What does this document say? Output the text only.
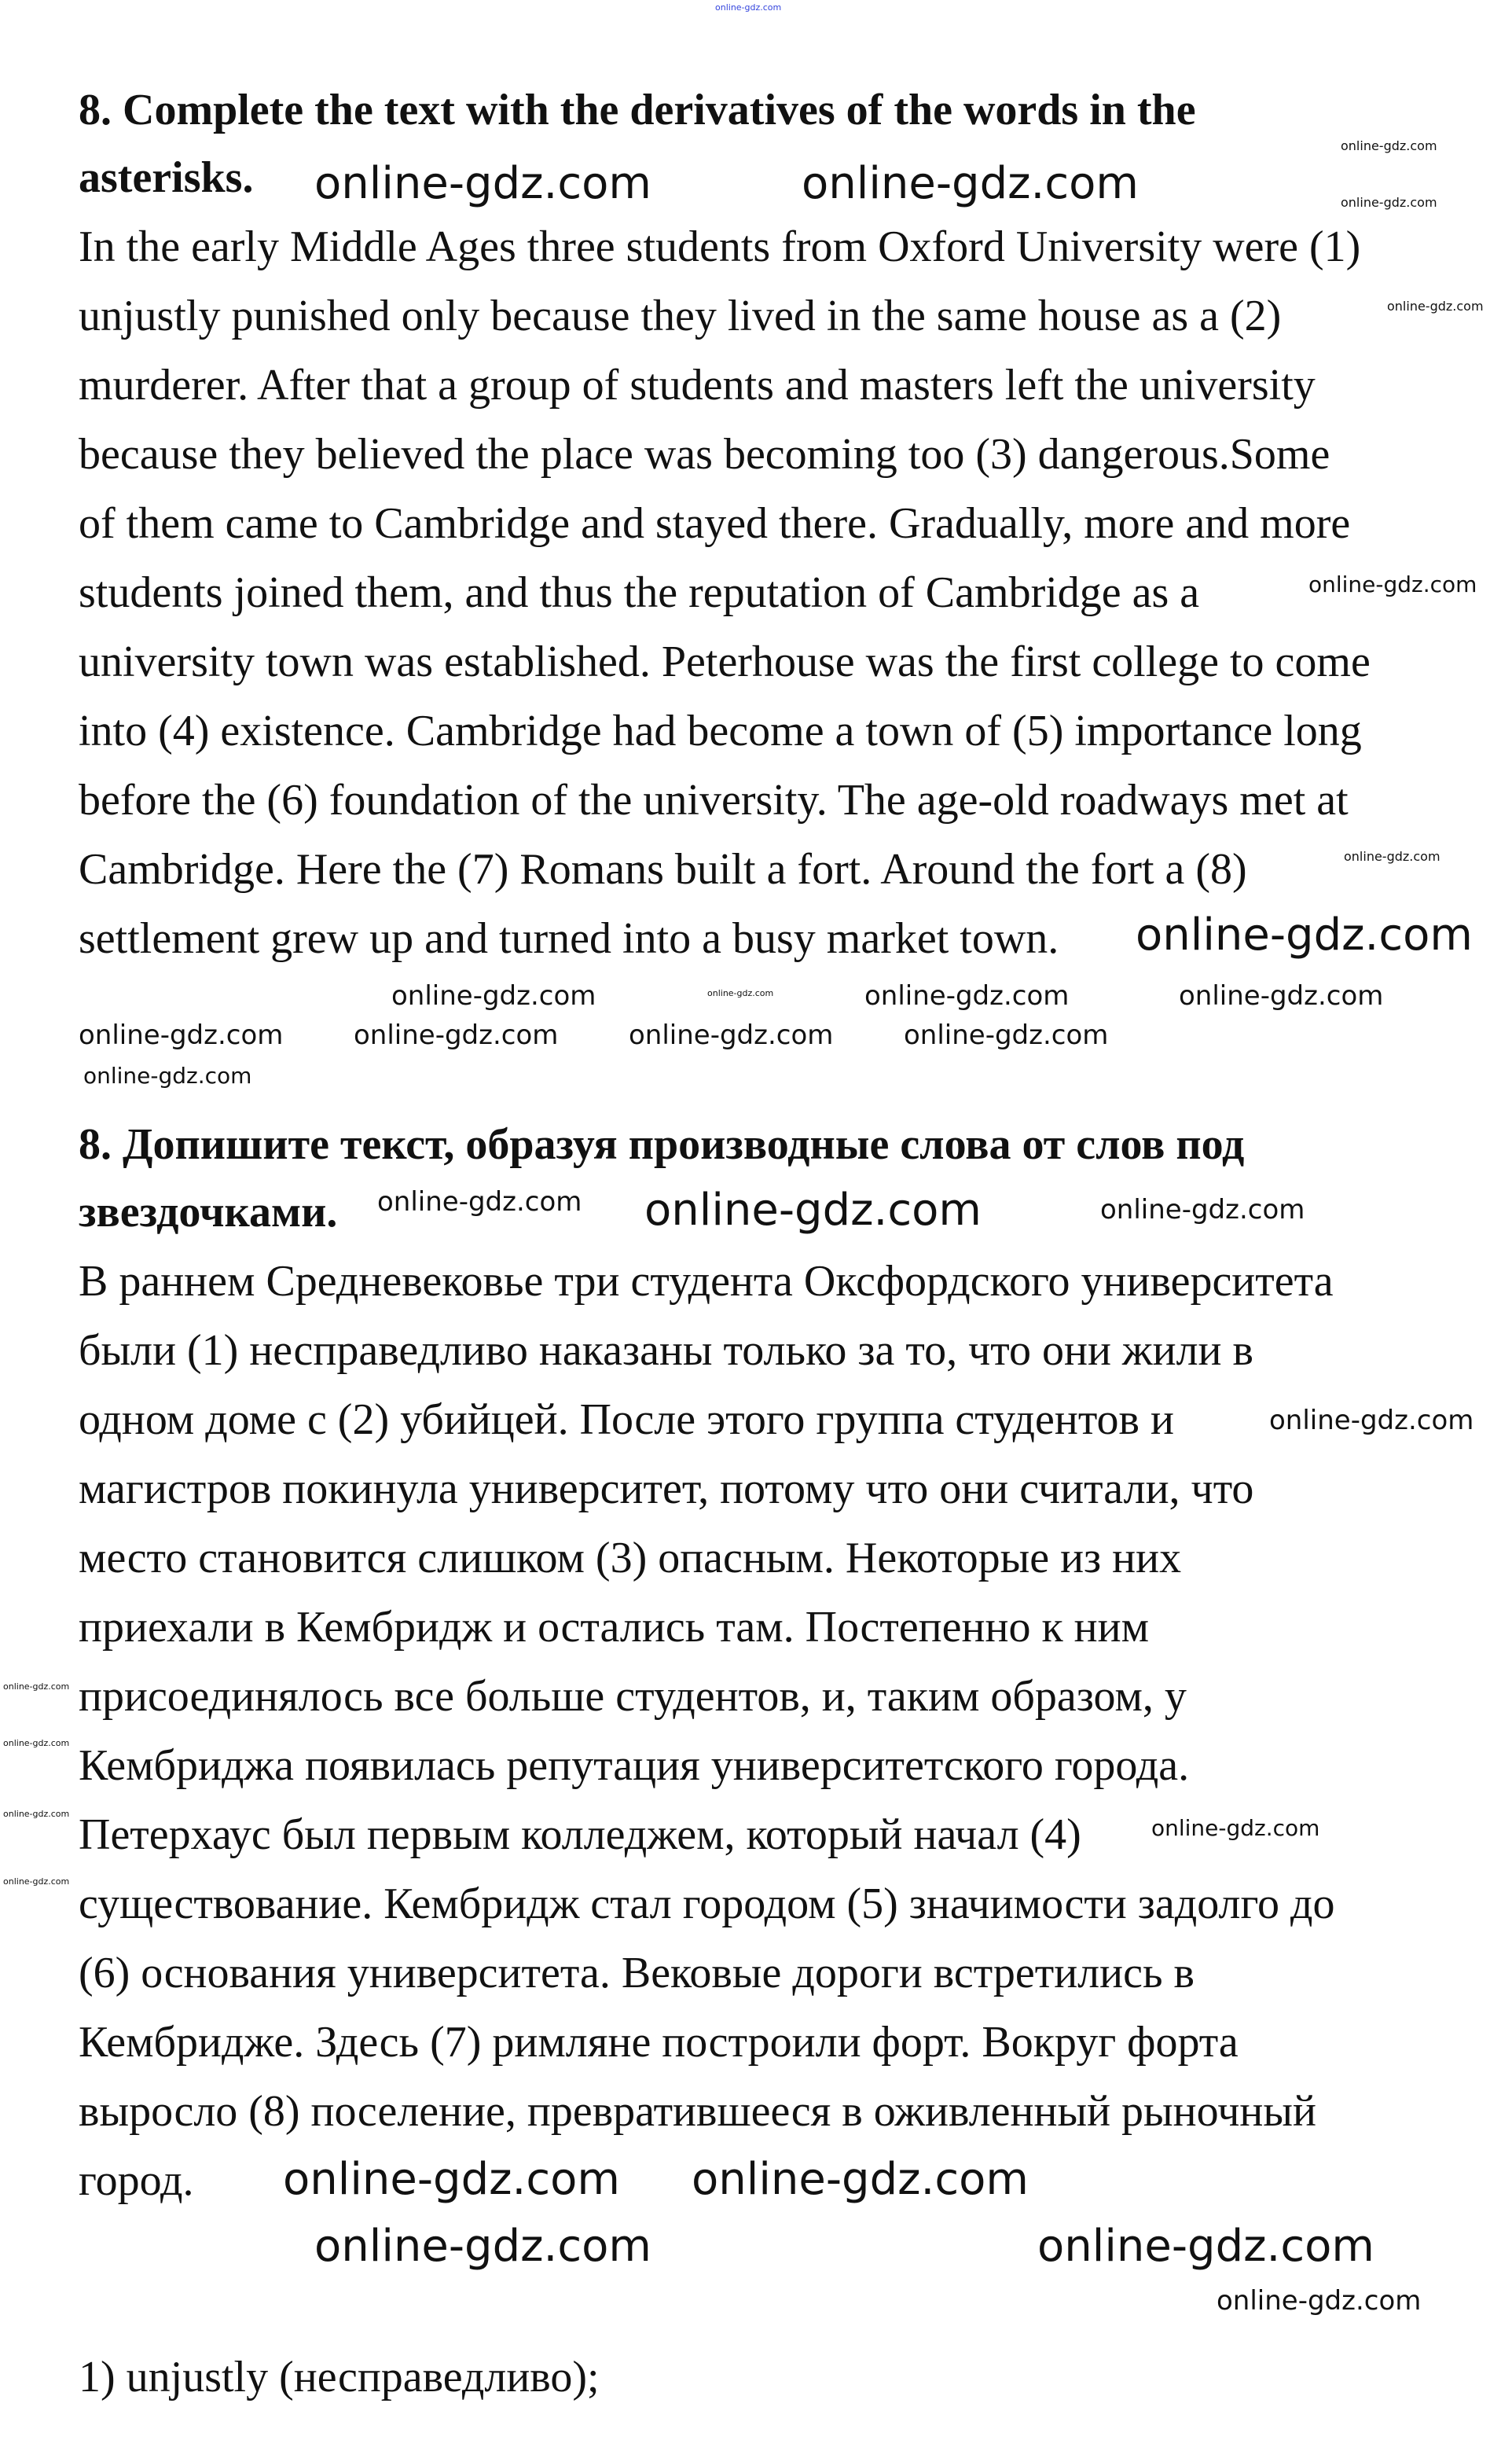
online-gdz.com
8. Complete the text with the derivatives of the words in the
asterisks.
In the early Middle Ages three students from Oxford University were (1)
unjustly punished only because they lived in the same house as a (2)
murderer. After that a group of students and masters left the university
because they believed the place was becoming too (3) dangerous.Some
of them came to Cambridge and stayed there. Gradually, more and more
students joined them, and thus the reputation of Cambridge as a
university town was established. Peterhouse was the first college to come
into (4) existence. Cambridge had become a town of (5) importance long
before the (6) foundation of the university. The age-old roadways met at
Cambridge. Here the (7) Romans built a fort. Around the fort a (8)
settlement grew up and turned into a busy market town.
8. Допишите текст, образуя производные слова от слов под
звездочками.
В раннем Средневековье три студента Оксфордского университета
были (1) несправедливо наказаны только за то, что они жили в
одном доме с (2) убийцей. После этого группа студентов и
магистров покинула университет, потому что они считали, что
место становится слишком (3) опасным. Некоторые из них
приехали в Кембридж и остались там. Постепенно к ним
присоединялось все больше студентов, и, таким образом, у
Кембриджа появилась репутация университетского города.
Петерхаус был первым колледжем, который начал (4)
существование. Кембридж стал городом (5) значимости задолго до
(6) основания университета. Вековые дороги встретились в
Кембридже. Здесь (7) римляне построили форт. Вокруг форта
выросло (8) поселение, превратившееся в оживленный рыночный
город.
1) unjustly (несправедливо);
online-gdz.com
online-gdz.com	online-gdz.com	online-gdz.com
online-gdz.com
online-gdz.com
online-gdz.com
online-gdz.com
online-gdz.com	online-gdz.com	online-gdz.com	online-gdz.com
online-gdz.com	online-gdz.com	online-gdz.com	online-gdz.com
online-gdz.com
online-gdz.com online-gdz.com	online-gdz.com
online-gdz.com
online-gdz.com
online-gdz.com
online-gdz.com
online-gdz.com
online-gdz.com
online-gdz.com
online-gdz.com
online-gdz.com
online-gdz.com online-gdz.com
